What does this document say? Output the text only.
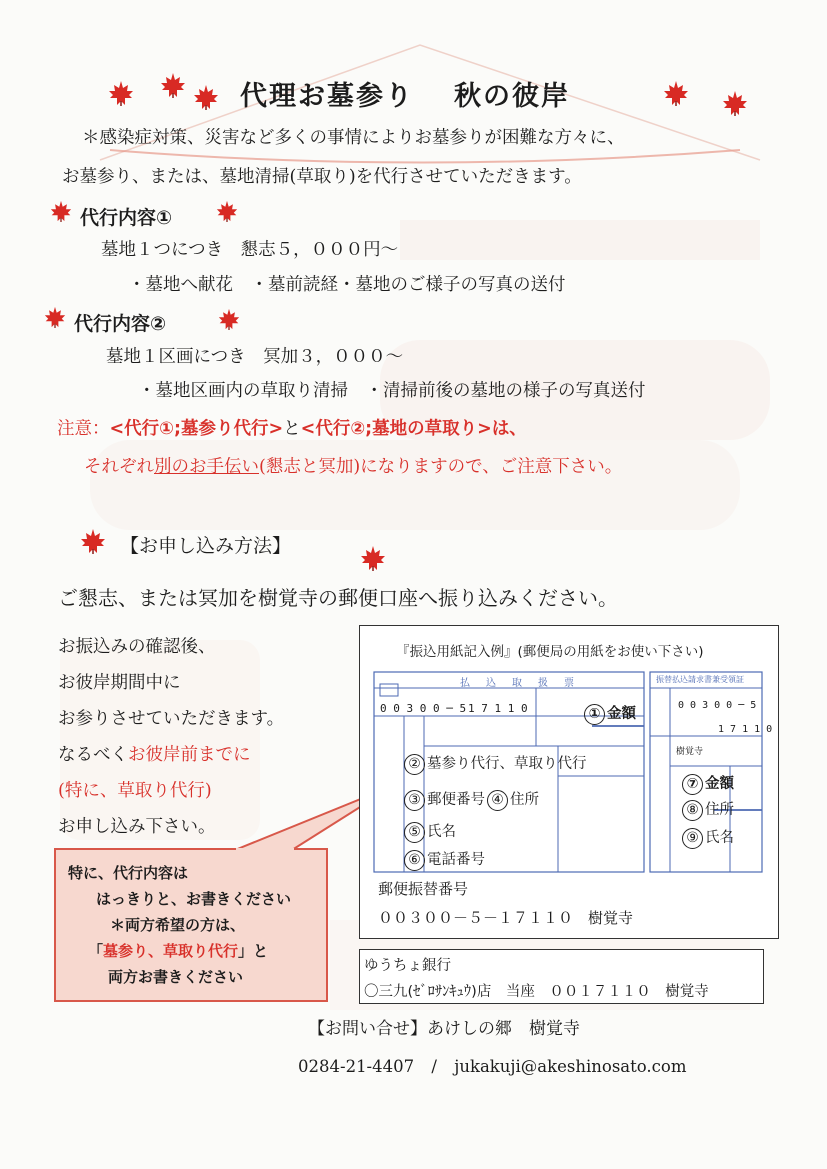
代理お墓参り 秋の彼岸
＊感染症対策、災害など多くの事情によりお墓参りが困難な方々に、
お墓参り、または、墓地清掃(草取り)を代行させていただきます。
代行内容①
墓地１つにつき　懇志５，０００円～
・墓地へ献花　・墓前読経・墓地のご様子の写真の送付
代行内容②
墓地１区画につき　冥加３，０００～
・墓地区画内の草取り清掃　・清掃前後の墓地の様子の写真送付
注意：<代行①;墓参り代行>と<代行②;墓地の草取り>は、
それぞれ別のお手伝い(懇志と冥加)になりますので、ご注意下さい。
【お申し込み方法】
ご懇志、または冥加を樹覚寺の郵便口座へ振り込みください。
お振込みの確認後、
お彼岸期間中に
お参りさせていただきます。
なるべくお彼岸前までに
(特に、草取り代行)
お申し込み下さい。
特に、代行内容は
はっきりと、お書きください
＊両方希望の方は、
「墓参り、草取り代行」と
両方お書きください
『振込用紙記入例』(郵便局の用紙をお使い下さい)
払　込　取　扱　票	振替払込請求書兼受領証
0 0 3 0 0 ─ 5 1 7 1 1 0	0 0 3 0 0 ─ 5
1 7 1 1 0
樹覚寺
① 金額
② 墓参り代行、草取り代行
③ 郵便番号 ④ 住所
⑤ 氏名
⑥ 電話番号
⑦ 金額
⑧ 住所
⑨ 氏名
郵便振替番号
００３００－５－１７１１０　樹覚寺
ゆうちょ銀行
〇三九(ｾﾞﾛｻﾝｷｭｳ)店　当座　００１７１１０　樹覚寺
【お問い合せ】あけしの郷　樹覚寺
0284-21-4407 / jukakuji@akeshinosato.com
